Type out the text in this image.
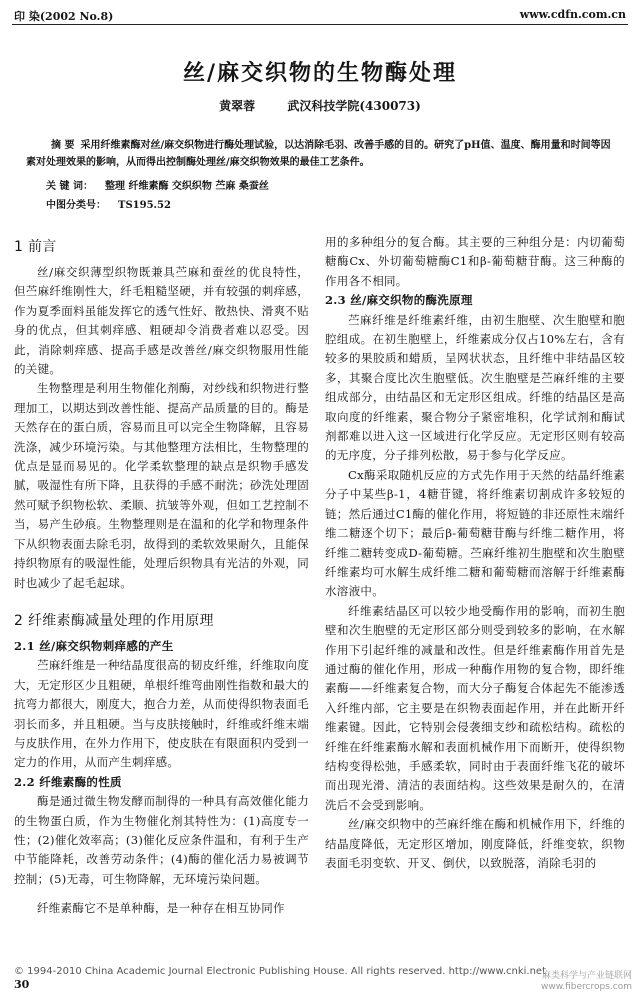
印 染(2002 No.8)	www.cdfn.com.cn
丝/麻交织物的生物酶处理
黄翠蓉	武汉科技学院(430073)

摘 要 采用纤维素酶对丝/麻交织物进行酶处理试验，以达消除毛羽、改善手感的目的。研究了pH值、温度、酶用量和时间等因素对处理效果的影响，从而得出控制酶处理丝/麻交织物效果的最佳工艺条件。

关 键 词： 整理 纤维素酶 交织织物 苎麻 桑蚕丝
中图分类号： TS195.52
1 前言

丝/麻交织薄型织物既兼具苎麻和蚕丝的优良特性，但苎麻纤维刚性大，纤毛粗糙坚硬，并有较强的刺痒感，作为夏季面料虽能发挥它的透气性好、散热快、滑爽不贴身的优点，但其刺痒感、粗硬却令消费者难以忍受。因此，消除刺痒感、提高手感是改善丝/麻交织物服用性能的关键。

生物整理是利用生物催化剂酶，对纱线和织物进行整理加工，以期达到改善性能、提高产品质量的目的。酶是天然存在的蛋白质，容易而且可以完全生物降解，且容易洗涤，减少环境污染。与其他整理方法相比，生物整理的优点是显而易见的。化学柔软整理的缺点是织物手感发腻，吸湿性有所下降，且获得的手感不耐洗；砂洗处理固然可赋予织物松软、柔顺、抗皱等外观，但如工艺控制不当，易产生砂痕。生物整理则是在温和的化学和物理条件下从织物表面去除毛羽，故得到的柔软效果耐久，且能保持织物原有的吸湿性能，处理后织物具有光洁的外观，同时也减少了起毛起球。

2 纤维素酶减量处理的作用原理
2.1 丝/麻交织物刺痒感的产生

苎麻纤维是一种结晶度很高的韧皮纤维，纤维取向度大，无定形区少且粗硬，单根纤维弯曲刚性指数和最大的抗弯力都很大，刚度大，抱合力差，从而使得织物表面毛羽长而多，并且粗硬。当与皮肤接触时，纤维或纤维末端与皮肤作用，在外力作用下，使皮肤在有限面积内受到一定力的作用，从而产生刺痒感。

2.2 纤维素酶的性质

酶是通过微生物发酵而制得的一种具有高效催化能力的生物蛋白质，作为生物催化剂其特性为：(1)高度专一性；(2)催化效率高；(3)催化反应条件温和，有利于生产中节能降耗，改善劳动条件；(4)酶的催化活力易被调节控制；(5)无毒，可生物降解，无环境污染问题。

纤维素酶它不是单种酶，是一种存在相互协同作

用的多种组分的复合酶。其主要的三种组分是：内切葡萄糖酶Cx、外切葡萄糖酶C1和β-葡萄糖苷酶。这三种酶的作用各不相同。

2.3 丝/麻交织物的酶洗原理

苎麻纤维是纤维素纤维，由初生胞壁、次生胞壁和胞腔组成。在初生胞壁上，纤维素成分仅占10%左右，含有较多的果胶质和蜡质，呈网状状态，且纤维中非结晶区较多，其聚合度比次生胞壁低。次生胞壁是苎麻纤维的主要组成部分，由结晶区和无定形区组成。纤维的结晶区是高取向度的纤维素，聚合物分子紧密堆积，化学试剂和酶试剂都难以进入这一区域进行化学反应。无定形区则有较高的无序度，分子排列松散，易于参与化学反应。

Cx酶采取随机反应的方式先作用于天然的结晶纤维素分子中某些β-1，4糖苷键，将纤维素切割成许多较短的链；然后通过C1酶的催化作用，将短链的非还原性末端纤维二糖逐个切下；最后β-葡萄糖苷酶与纤维二糖作用，将纤维二糖转变成D-葡萄糖。苎麻纤维初生胞壁和次生胞壁纤维素均可水解生成纤维二糖和葡萄糖而溶解于纤维素酶水溶液中。

纤维素结晶区可以较少地受酶作用的影响，而初生胞壁和次生胞壁的无定形区部分则受到较多的影响，在水解作用下引起纤维的减量和改性。但是纤维素酶作用首先是通过酶的催化作用，形成一种酶作用物的复合物，即纤维素酶——纤维素复合物，而大分子酶复合体起先不能渗透入纤维内部，它主要是在织物表面起作用，并在此断开纤维素键。因此，它特别会侵袭细支纱和疏松结构。疏松的纤维在纤维素酶水解和表面机械作用下而断开，使得织物结构变得松弛，手感柔软，同时由于表面纤维飞花的破坏而出现光滑、清洁的表面结构。这些效果是耐久的，在清洗后不会受到影响。

丝/麻交织物中的苎麻纤维在酶和机械作用下，纤维的结晶度降低，无定形区增加，刚度降低，纤维变软，织物表面毛羽变软、开叉、倒伏，以致脱落，消除毛羽的

© 1994-2010 China Academic Journal Electronic Publishing House. All rights reserved. http://www.cnki.net
30
麻类科学与产业链联网
www.fibercrops.com
